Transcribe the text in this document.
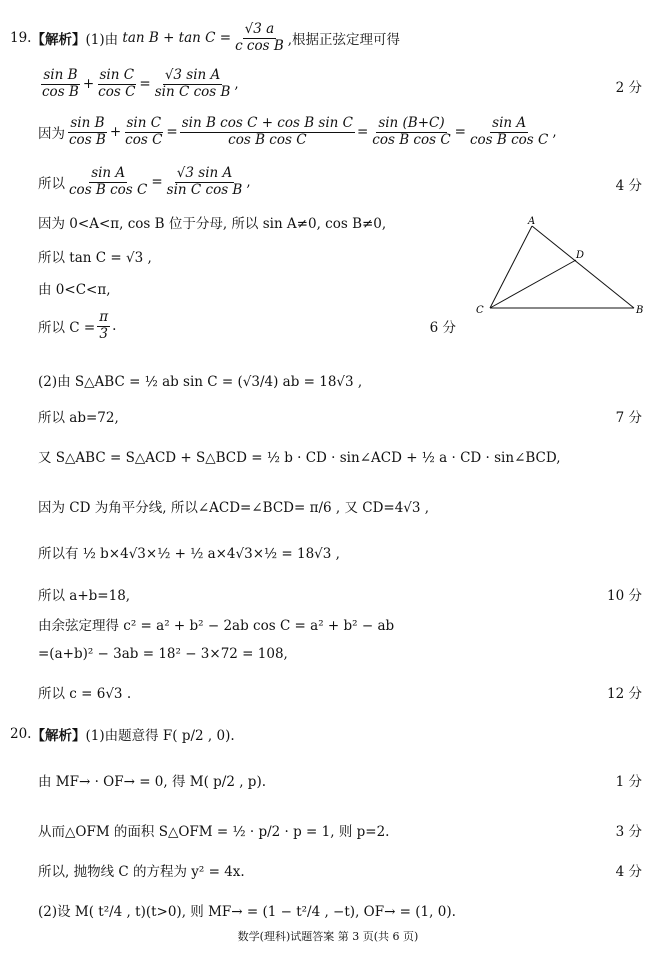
19. 【解析】 (1)由
$\tan B + \tan C = \frac{√3 a}{\text{c cos B}}$ ,根据正弦定理可得
$\frac{\text{sin B}}{\text{cos B}} + \frac{\text{sin C}}{\text{cos C}} = \frac{\text{√3 sin A}}{\text{sin C cos B}}$ ,	2 分
因为 $\frac{\text{sin B}}{\text{cos B}} + \frac{\text{sin C}}{\text{cos C}} = \frac{\text{sin B cos C + cos B sin C}}{\text{cos B cos C}} = \frac{\sin (B+C)}{\text{cos B cos C}} = \frac{\text{sin A}}{\text{cos B cos C}}$ ,
所以 $\frac{\text{sin A}}{\text{cos B cos C}} = \frac{\text{√3 sin A}}{\text{sin C cos B}}$ ,	4 分
因为 0<A<π, cos B 位于分母, 所以 sin A≠0, cos B≠0,
所以 tan C = √3 ,
由 0<C<π,
所以 $C = \frac{\pi}{3}$ .	6 分
A
D
C	B
(2)由 S△ABC = ½ ab sin C = (√3/4) ab = 18√3 ,
所以 ab=72,	7 分
又 S△ABC = S△ACD + S△BCD = ½ b · CD · sin∠ACD + ½ a · CD · sin∠BCD,
因为 CD 为角平分线, 所以∠ACD=∠BCD= π/6 , 又 CD=4√3 ,
所以有 ½ b×4√3×½ + ½ a×4√3×½ = 18√3 ,
所以 a+b=18,	10 分
由余弦定理得 c² = a² + b² − 2ab cos C = a² + b² − ab
=(a+b)² − 3ab = 18² − 3×72 = 108,
所以 c = 6√3 .	12 分
20. 【解析】 (1)由题意得 F( p/2 , 0).
由 MF→ · OF→ = 0, 得 M( p/2 , p).	1 分
从而△OFM 的面积 S△OFM = ½ · p/2 · p = 1, 则 p=2.	3 分
所以, 抛物线 C 的方程为 y² = 4x.	4 分
(2)设 M( t²/4 , t)(t>0), 则 MF→ = (1 − t²/4 , −t), OF→ = (1, 0).
数学(理科)试题答案 第 3 页(共 6 页)
